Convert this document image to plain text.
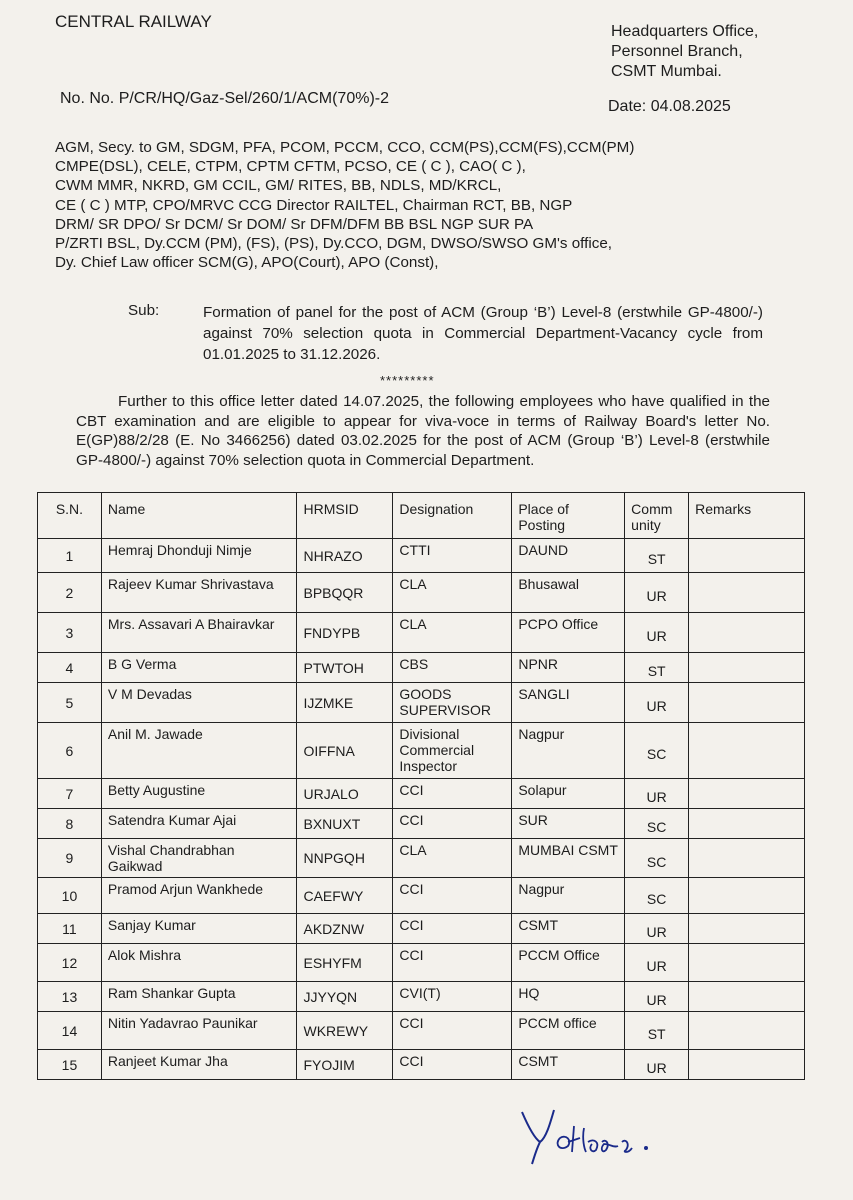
CENTRAL RAILWAY
Headquarters Office,
Personnel Branch,
CSMT Mumbai.
No. No. P/CR/HQ/Gaz-Sel/260/1/ACM(70%)-2	Date: 04.08.2025
AGM, Secy. to GM, SDGM, PFA, PCOM, PCCM, CCO, CCM(PS),CCM(FS),CCM(PM)
CMPE(DSL), CELE, CTPM, CPTM CFTM, PCSO, CE ( C ), CAO( C ),
CWM MMR, NKRD, GM CCIL, GM/ RITES, BB, NDLS, MD/KRCL,
CE ( C ) MTP, CPO/MRVC CCG Director RAILTEL, Chairman RCT, BB, NGP
DRM/ SR DPO/ Sr DCM/ Sr DOM/ Sr DFM/DFM BB BSL NGP SUR PA
P/ZRTI BSL, Dy.CCM (PM), (FS), (PS), Dy.CCO, DGM, DWSO/SWSO GM's office,
Dy. Chief Law officer SCM(G), APO(Court), APO (Const),
Sub:	Formation of panel for the post of ACM (Group ‘B’) Level-8 (erstwhile GP-4800/-) against 70% selection quota in Commercial Department-Vacancy cycle from 01.01.2025 to 31.12.2026.
*********
Further to this office letter dated 14.07.2025, the following employees who have qualified in the CBT examination and are eligible to appear for viva-voce in terms of Railway Board's letter No. E(GP)88/2/28 (E. No 3466256) dated 03.02.2025 for the post of ACM (Group ‘B’) Level-8 (erstwhile GP-4800/-) against 70% selection quota in Commercial Department.
S.N.	Name	HRMSID	Designation	Place of Posting	Comm unity	Remarks
1	Hemraj Dhonduji Nimje	NHRAZO	CTTI	DAUND	ST	
2	Rajeev Kumar Shrivastava	BPBQQR	CLA	Bhusawal	UR	
3	Mrs. Assavari A Bhairavkar	FNDYPB	CLA	PCPO Office	UR	
4	B G Verma	PTWTOH	CBS	NPNR	ST	
5	V M Devadas	IJZMKE	GOODS SUPERVISOR	SANGLI	UR	
6	Anil M. Jawade	OIFFNA	Divisional Commercial Inspector	Nagpur	SC	
7	Betty Augustine	URJALO	CCI	Solapur	UR	
8	Satendra Kumar Ajai	BXNUXT	CCI	SUR	SC	
9	Vishal Chandrabhan Gaikwad	NNPGQH	CLA	MUMBAI CSMT	SC	
10	Pramod Arjun Wankhede	CAEFWY	CCI	Nagpur	SC	
11	Sanjay Kumar	AKDZNW	CCI	CSMT	UR	
12	Alok Mishra	ESHYFM	CCI	PCCM Office	UR	
13	Ram Shankar Gupta	JJYYQN	CVI(T)	HQ	UR	
14	Nitin Yadavrao Paunikar	WKREWY	CCI	PCCM office	ST	
15	Ranjeet Kumar Jha	FYOJIM	CCI	CSMT	UR	
